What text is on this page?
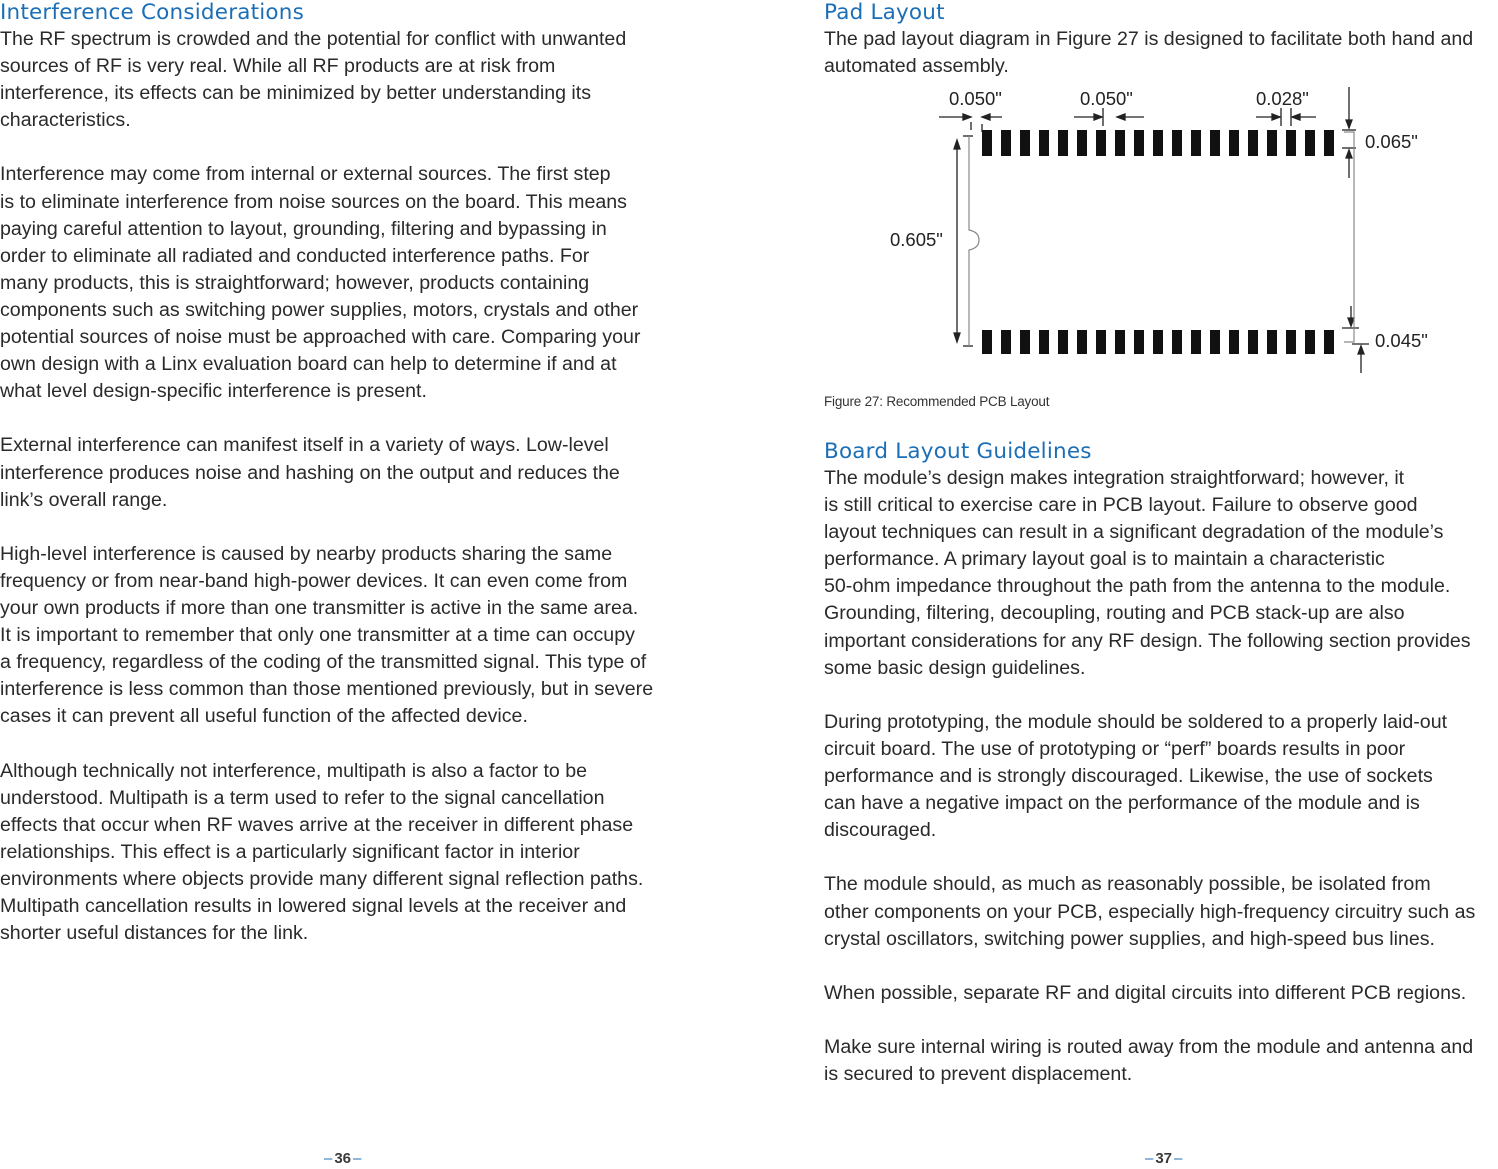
Interference Considerations
The RF spectrum is crowded and the potential for conflict with unwanted
sources of RF is very real. While all RF products are at risk from
interference, its effects can be minimized by better understanding its
characteristics.
Interference may come from internal or external sources. The first step
is to eliminate interference from noise sources on the board. This means
paying careful attention to layout, grounding, filtering and bypassing in
order to eliminate all radiated and conducted interference paths. For
many products, this is straightforward; however, products containing
components such as switching power supplies, motors, crystals and other
potential sources of noise must be approached with care. Comparing your
own design with a Linx evaluation board can help to determine if and at
what level design-specific interference is present.
External interference can manifest itself in a variety of ways. Low-level
interference produces noise and hashing on the output and reduces the
link’s overall range.
High-level interference is caused by nearby products sharing the same
frequency or from near-band high-power devices. It can even come from
your own products if more than one transmitter is active in the same area.
It is important to remember that only one transmitter at a time can occupy
a frequency, regardless of the coding of the transmitted signal. This type of
interference is less common than those mentioned previously, but in severe
cases it can prevent all useful function of the affected device.
Although technically not interference, multipath is also a factor to be
understood. Multipath is a term used to refer to the signal cancellation
effects that occur when RF waves arrive at the receiver in different phase
relationships. This effect is a particularly significant factor in interior
environments where objects provide many different signal reflection paths.
Multipath cancellation results in lowered signal levels at the receiver and
shorter useful distances for the link.
– 36 –
Pad Layout
The pad layout diagram in Figure 27 is designed to facilitate both hand and
automated assembly.
0.050"	0.050"	0.028"
0.065"
0.045"
0.605"
Figure 27: Recommended PCB Layout
Board Layout Guidelines
The module’s design makes integration straightforward; however, it
is still critical to exercise care in PCB layout. Failure to observe good
layout techniques can result in a significant degradation of the module’s
performance. A primary layout goal is to maintain a characteristic
50-ohm impedance throughout the path from the antenna to the module.
Grounding, filtering, decoupling, routing and PCB stack-up are also
important considerations for any RF design. The following section provides
some basic design guidelines.
During prototyping, the module should be soldered to a properly laid-out
circuit board. The use of prototyping or “perf” boards results in poor
performance and is strongly discouraged. Likewise, the use of sockets
can have a negative impact on the performance of the module and is
discouraged.
The module should, as much as reasonably possible, be isolated from
other components on your PCB, especially high-frequency circuitry such as
crystal oscillators, switching power supplies, and high-speed bus lines.
When possible, separate RF and digital circuits into different PCB regions.
Make sure internal wiring is routed away from the module and antenna and
is secured to prevent displacement.
– 37 –
